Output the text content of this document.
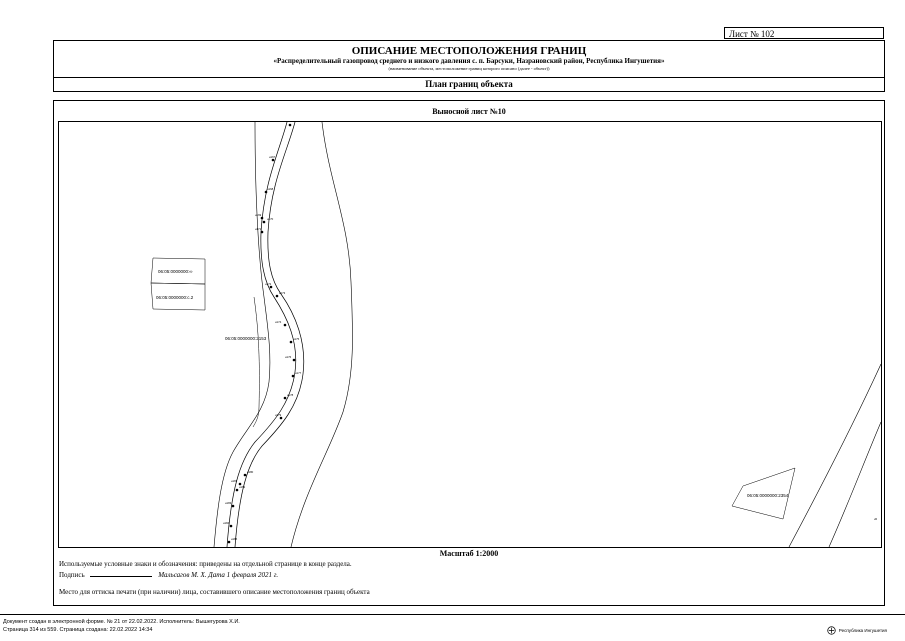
Лист № 102
ОПИСАНИЕ МЕСТОПОЛОЖЕНИЯ ГРАНИЦ
«Распределительный газопровод среднего и низкого давления с. п. Барсуки, Назрановский район, Республика Ингушетия»
(наименование объекта, местоположение границ которого описано (далее - объект))
План границ объекта
Выносной лист №10
н167
н168
н169
н170
н171
н172
н173
н174
н175
н176
н177
н178
н179
н180
н181
н182
н183
н184
н185
06:05:0000000:∞
06:05:0000000:с.2
06:05:0000000:2153
06:05:0000000:2354
н5
Масштаб 1:2000
Используемые условные знаки и обозначения: приведены на отдельной странице в конце раздела.
Подпись	Мальсагов М. Х. Дата 1 февраля 2021 г.
Место для оттиска печати (при наличии) лица, составившего описание местоположения границ объекта
Документ создан в электронной форме. № 21 от 22.02.2022. Исполнитель: Вышегурова Х.И.
Страница 314 из 559. Страница создана: 22.02.2022 14:34	Республика Ингушетия
